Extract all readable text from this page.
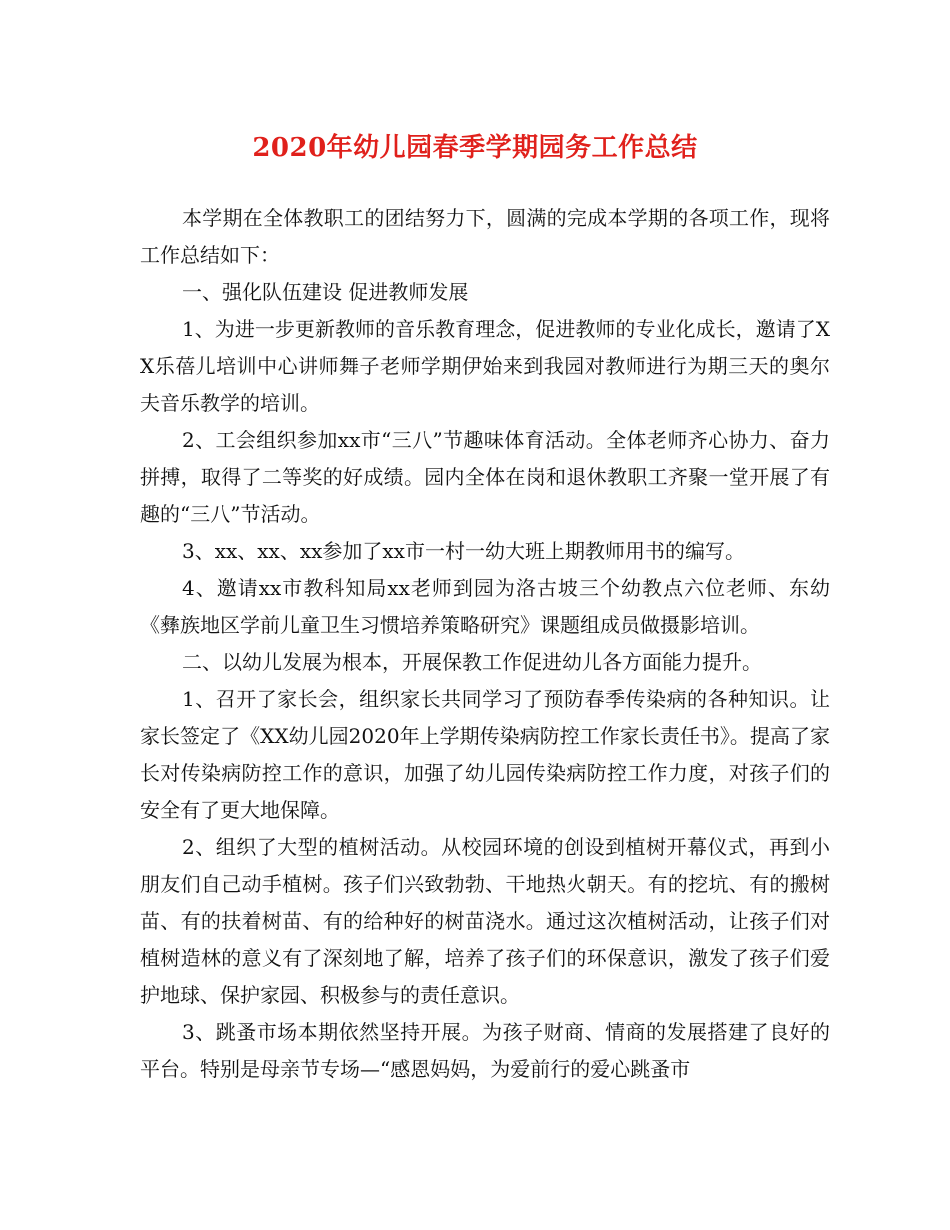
2020年幼儿园春季学期园务工作总结

本学期在全体教职工的团结努力下，圆满的完成本学期的各项工作，现将工作总结如下：

一、强化队伍建设 促进教师发展

1、为进一步更新教师的音乐教育理念，促进教师的专业化成长，邀请了XX乐蓓儿培训中心讲师舞子老师学期伊始来到我园对教师进行为期三天的奥尔夫音乐教学的培训。

2、工会组织参加xx市“三八”节趣味体育活动。全体老师齐心协力、奋力拼搏，取得了二等奖的好成绩。园内全体在岗和退休教职工齐聚一堂开展了有趣的“三八”节活动。

3、xx、xx、xx参加了xx市一村一幼大班上期教师用书的编写。

4、邀请xx市教科知局xx老师到园为洛古坡三个幼教点六位老师、东幼《彝族地区学前儿童卫生习惯培养策略研究》课题组成员做摄影培训。

二、以幼儿发展为根本，开展保教工作促进幼儿各方面能力提升。

1、召开了家长会，组织家长共同学习了预防春季传染病的各种知识。让家长签定了《XX幼儿园2020年上学期传染病防控工作家长责任书》。提高了家长对传染病防控工作的意识，加强了幼儿园传染病防控工作力度，对孩子们的安全有了更大地保障。

2、组织了大型的植树活动。从校园环境的创设到植树开幕仪式，再到小朋友们自己动手植树。孩子们兴致勃勃、干地热火朝天。有的挖坑、有的搬树苗、有的扶着树苗、有的给种好的树苗浇水。通过这次植树活动，让孩子们对植树造林的意义有了深刻地了解，培养了孩子们的环保意识，激发了孩子们爱护地球、保护家园、积极参与的责任意识。

3、跳蚤市场本期依然坚持开展。为孩子财商、情商的发展搭建了良好的平台。特别是母亲节专场—“感恩妈妈，为爱前行的爱心跳蚤市
